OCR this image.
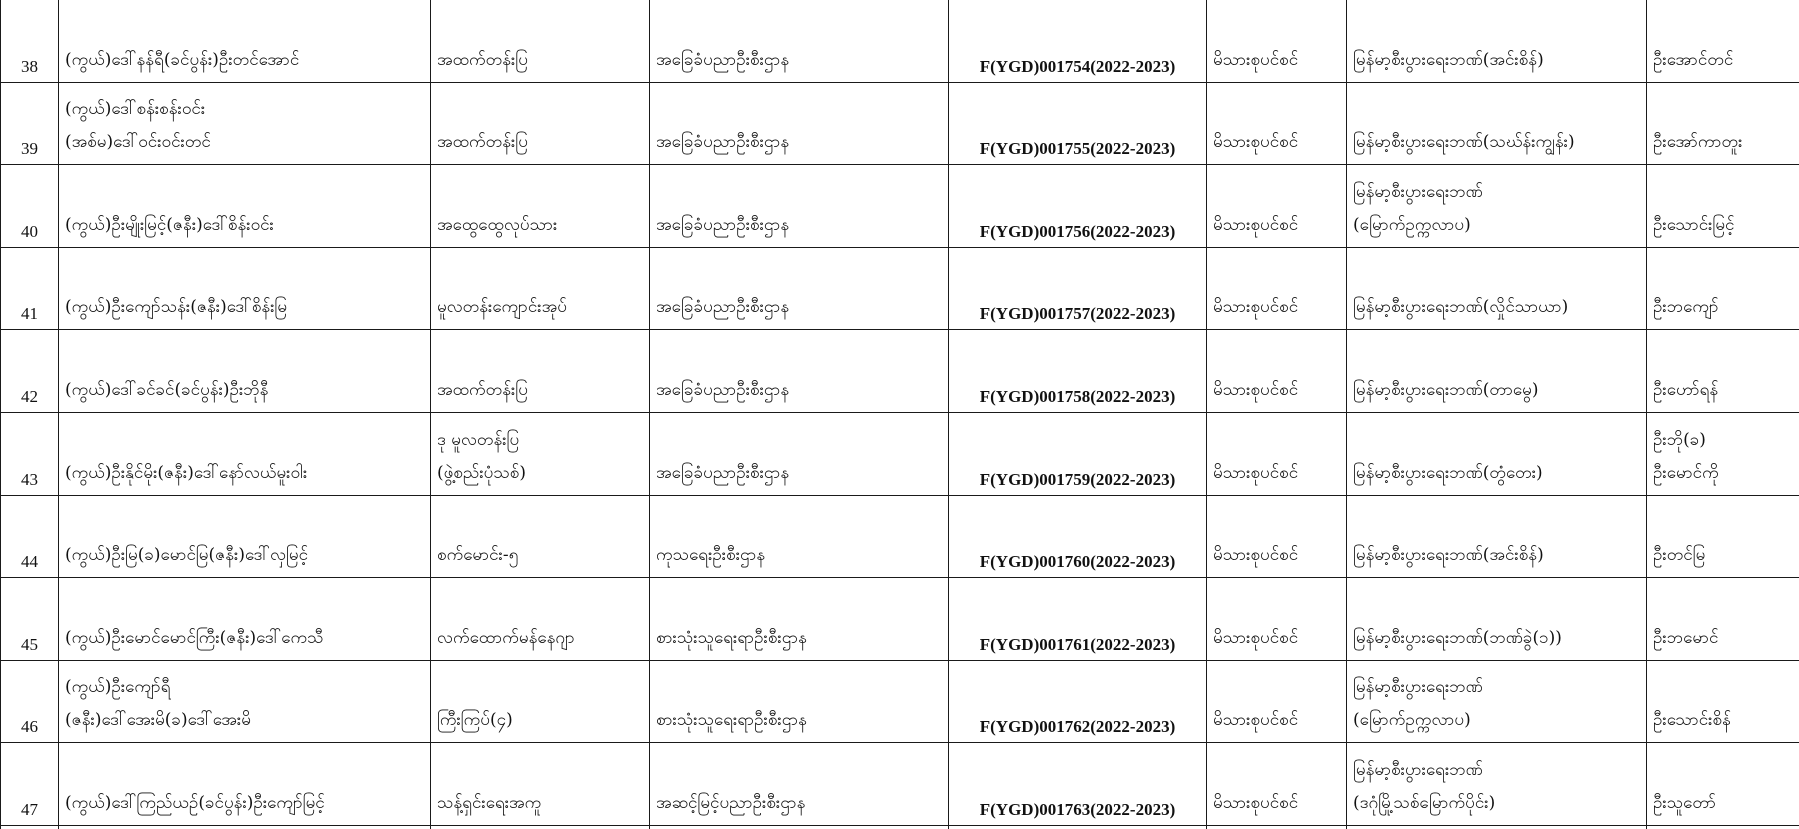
38	(ကွယ်)ဒေါ်နန်ရီ(ခင်ပွန်း)ဦးတင်အောင်	အထက်တန်းပြ	အခြေခံပညာဦးစီးဌာန	F(YGD)001754(2022-2023)	မိသားစုပင်စင်	မြန်မာ့စီးပွားရေးဘဏ်(အင်းစိန်)	ဦးအောင်တင်

39	(ကွယ်)ဒေါ်စန်းစန်းဝင်း
(အစ်မ)ဒေါ်ဝင်းဝင်းတင်	အထက်တန်းပြ	အခြေခံပညာဦးစီးဌာန	F(YGD)001755(2022-2023)	မိသားစုပင်စင်	မြန်မာ့စီးပွားရေးဘဏ်(သဃ်န်းကျွန်း)	ဦးအော်ကာတူး

40	(ကွယ်)ဦးမျိုးမြင့်(ဇနီး)ဒေါ်စိန်းဝင်း	အထွေထွေလုပ်သား	အခြေခံပညာဦးစီးဌာန	F(YGD)001756(2022-2023)	မိသားစုပင်စင်	မြန်မာ့စီးပွားရေးဘဏ်
(မြောက်ဥက္ကလာပ)	ဦးသောင်းမြင့်

41	(ကွယ်)ဦးကျော်သန်း(ဇနီး)ဒေါ်စိန်းမြ	မူလတန်းကျောင်းအုပ်	အခြေခံပညာဦးစီးဌာန	F(YGD)001757(2022-2023)	မိသားစုပင်စင်	မြန်မာ့စီးပွားရေးဘဏ်(လှိုင်သာယာ)	ဦးဘကျော်

42	(ကွယ်)ဒေါ်ခင်ခင်(ခင်ပွန်း)ဦးဘိုနီ	အထက်တန်းပြ	အခြေခံပညာဦးစီးဌာန	F(YGD)001758(2022-2023)	မိသားစုပင်စင်	မြန်မာ့စီးပွားရေးဘဏ်(တာမွေ)	ဦးဟော်ရန်

43	(ကွယ်)ဦးနိုင်မိုး(ဇနီး)ဒေါ်နော်လယ်မူးဝါး	ဒု မူလတန်းပြ
(ဖွဲ့စည်းပုံသစ်)	အခြေခံပညာဦးစီးဌာန	F(YGD)001759(2022-2023)	မိသားစုပင်စင်	မြန်မာ့စီးပွားရေးဘဏ်(တွံတေး)	ဦးဘို(ခ)
ဦးမောင်ကို

44	(ကွယ်)ဦးမြ(ခ)မောင်မြ(ဇနီး)ဒေါ်လှမြင့်	စက်မောင်း-၅	ကုသရေးဦးစီးဌာန	F(YGD)001760(2022-2023)	မိသားစုပင်စင်	မြန်မာ့စီးပွားရေးဘဏ်(အင်းစိန်)	ဦးတင်မြ

45	(ကွယ်)ဦးမောင်မောင်ကြီး(ဇနီး)ဒေါ်ကေသီ	လက်ထောက်မန်နေဂျာ	စားသုံးသူရေးရာဦးစီးဌာန	F(YGD)001761(2022-2023)	မိသားစုပင်စင်	မြန်မာ့စီးပွားရေးဘဏ်(ဘဏ်ခွဲ(၁))	ဦးဘမောင်

46	(ကွယ်)ဦးကျော်ရီ
(ဇနီး)ဒေါ်အေးမိ(ခ)ဒေါ်အေးမိ	ကြီးကြပ်(၄)	စားသုံးသူရေးရာဦးစီးဌာန	F(YGD)001762(2022-2023)	မိသားစုပင်စင်	မြန်မာ့စီးပွားရေးဘဏ်
(မြောက်ဥက္ကလာပ)	ဦးသောင်းစိန်

47	(ကွယ်)ဒေါ်ကြည်ယဉ်(ခင်ပွန်း)ဦးကျော်မြင့်	သန့်ရှင်းရေးအကူ	အဆင့်မြင့်ပညာဦးစီးဌာန	F(YGD)001763(2022-2023)	မိသားစုပင်စင်	မြန်မာ့စီးပွားရေးဘဏ်
(ဒဂုံမြို့သစ်မြောက်ပိုင်း)	ဦးသူတော်
